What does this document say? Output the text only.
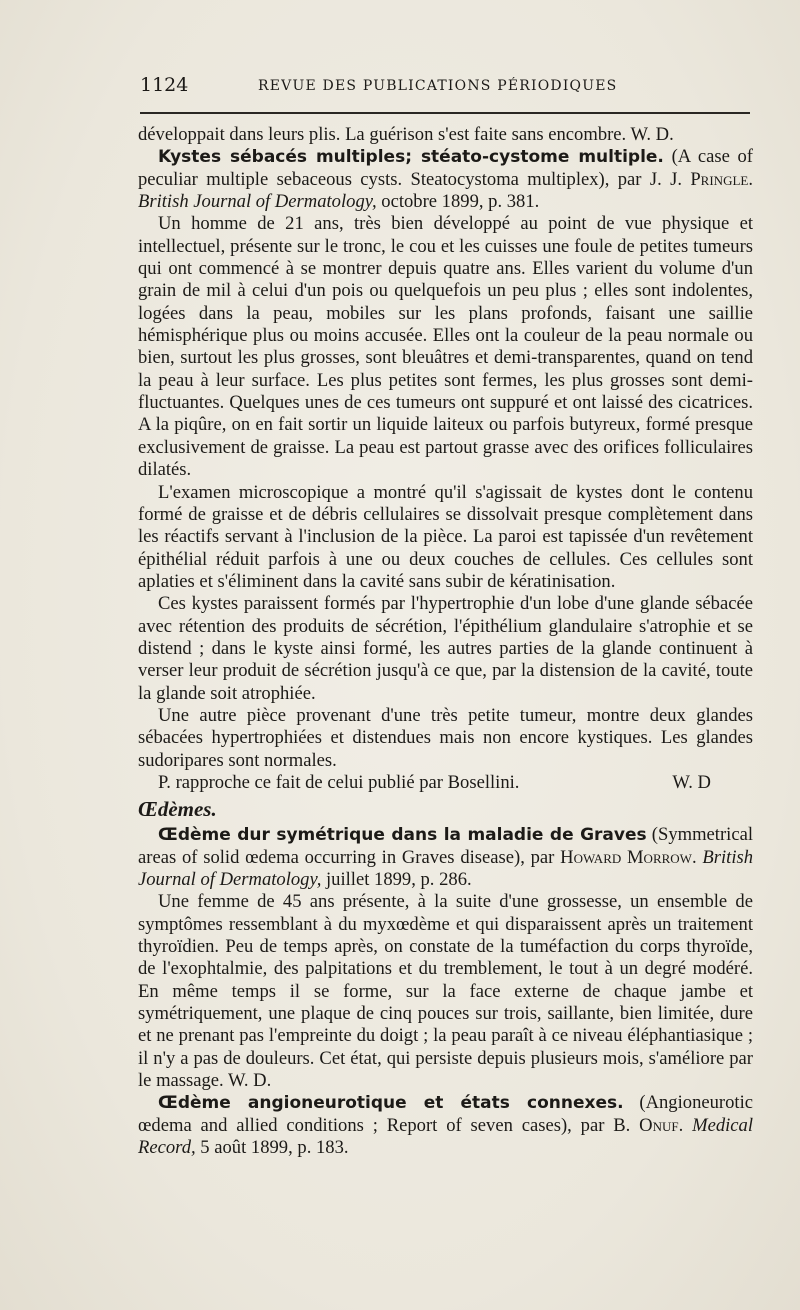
1124	REVUE DES PUBLICATIONS PÉRIODIQUES

développait dans leurs plis. La guérison s'est faite sans encombre. W. D.

Kystes sébacés multiples; stéato-cystome multiple. (A case of peculiar multiple sebaceous cysts. Steatocystoma multiplex), par J. J. Pringle. British Journal of Dermatology, octobre 1899, p. 381.

Un homme de 21 ans, très bien développé au point de vue physique et intellectuel, présente sur le tronc, le cou et les cuisses une foule de petites tumeurs qui ont commencé à se montrer depuis quatre ans. Elles varient du volume d'un grain de mil à celui d'un pois ou quelquefois un peu plus ; elles sont indolentes, logées dans la peau, mobiles sur les plans profonds, faisant une saillie hémisphérique plus ou moins accusée. Elles ont la couleur de la peau normale ou bien, surtout les plus grosses, sont bleuâtres et demi-transparentes, quand on tend la peau à leur surface. Les plus petites sont fermes, les plus grosses sont demi-fluctuantes. Quelques unes de ces tumeurs ont suppuré et ont laissé des cicatrices. A la piqûre, on en fait sortir un liquide laiteux ou parfois butyreux, formé presque exclusivement de graisse. La peau est partout grasse avec des orifices folliculaires dilatés.

L'examen microscopique a montré qu'il s'agissait de kystes dont le contenu formé de graisse et de débris cellulaires se dissolvait presque complètement dans les réactifs servant à l'inclusion de la pièce. La paroi est tapissée d'un revêtement épithélial réduit parfois à une ou deux couches de cellules. Ces cellules sont aplaties et s'éliminent dans la cavité sans subir de kératinisation.

Ces kystes paraissent formés par l'hypertrophie d'un lobe d'une glande sébacée avec rétention des produits de sécrétion, l'épithélium glandulaire s'atrophie et se distend ; dans le kyste ainsi formé, les autres parties de la glande continuent à verser leur produit de sécrétion jusqu'à ce que, par la distension de la cavité, toute la glande soit atrophiée.

Une autre pièce provenant d'une très petite tumeur, montre deux glandes sébacées hypertrophiées et distendues mais non encore kystiques. Les glandes sudoripares sont normales.

P. rapproche ce fait de celui publié par Bosellini.	W. D

Œdèmes.

Œdème dur symétrique dans la maladie de Graves (Symmetrical areas of solid œdema occurring in Graves disease), par Howard Morrow. British Journal of Dermatology, juillet 1899, p. 286.

Une femme de 45 ans présente, à la suite d'une grossesse, un ensemble de symptômes ressemblant à du myxœdème et qui disparaissent après un traitement thyroïdien. Peu de temps après, on constate de la tuméfaction du corps thyroïde, de l'exophtalmie, des palpitations et du tremblement, le tout à un degré modéré. En même temps il se forme, sur la face externe de chaque jambe et symétriquement, une plaque de cinq pouces sur trois, saillante, bien limitée, dure et ne prenant pas l'empreinte du doigt ; la peau paraît à ce niveau éléphantiasique ; il n'y a pas de douleurs. Cet état, qui persiste depuis plusieurs mois, s'améliore par le massage. W. D.

Œdème angioneurotique et états connexes. (Angioneurotic œdema and allied conditions ; Report of seven cases), par B. Onuf. Medical Record, 5 août 1899, p. 183.
